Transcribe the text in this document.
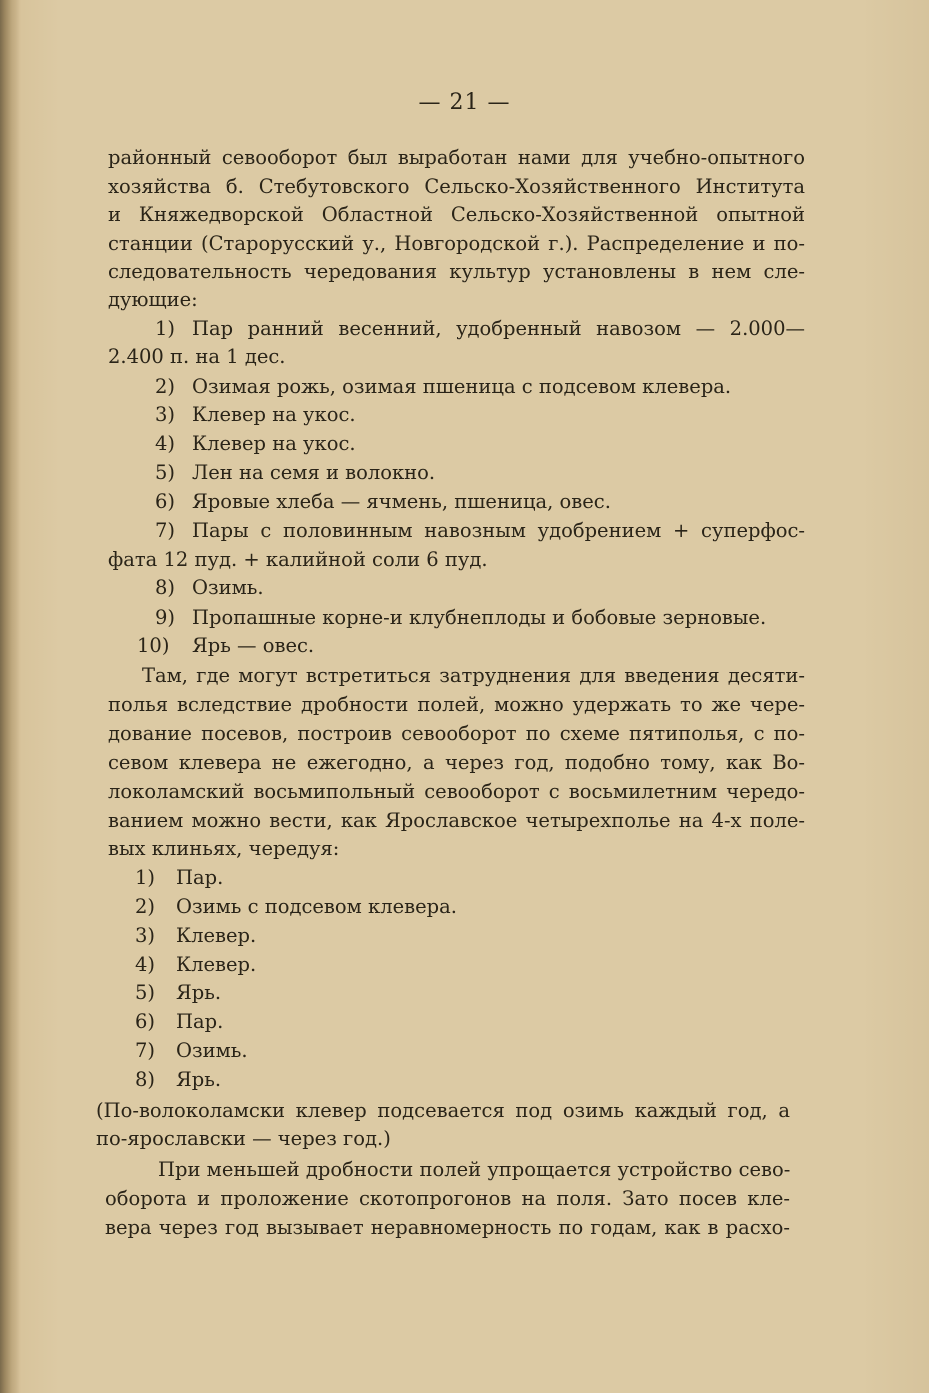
— 21 —
районный севооборот был выработан нами для учебно-опытного
хозяйства б. Стебутовского Сельско-Хозяйственного Института
и Княжедворской Областной Сельско-Хозяйственной опытной
станции (Старорусский у., Новгородской г.). Распределение и по-
следовательность чередования культур установлены в нем сле-
дующие:
1) Пар ранний весенний, удобренный навозом — 2.000—
2.400 п. на 1 дес.
2) Озимая рожь, озимая пшеница с подсевом клевера.
3) Клевер на укос.
4) Клевер на укос.
5) Лен на семя и волокно.
6) Яровые хлеба — ячмень, пшеница, овес.
7) Пары с половинным навозным удобрением + суперфос-
фата 12 пуд. + калийной соли 6 пуд.
8) Озимь.
9) Пропашные корне-и клубнеплоды и бобовые зерновые.
10) Ярь — овес.
Там, где могут встретиться затруднения для введения десяти-
полья вследствие дробности полей, можно удержать то же чере-
дование посевов, построив севооборот по схеме пятиполья, с по-
севом клевера не ежегодно, а через год, подобно тому, как Во-
локоламский восьмипольный севооборот с восьмилетним чередо-
ванием можно вести, как Ярославское четырехполье на 4-х поле-
вых клиньях, чередуя:
1) Пар.
2) Озимь с подсевом клевера.
3) Клевер.
4) Клевер.
5) Ярь.
6) Пар.
7) Озимь.
8) Ярь.
(По-волоколамски клевер подсевается под озимь каждый год, а
по-ярославски — через год.)
При меньшей дробности полей упрощается устройство сево-
оборота и проложение скотопрогонов на поля. Зато посев кле-
вера через год вызывает неравномерность по годам, как в расхо-
